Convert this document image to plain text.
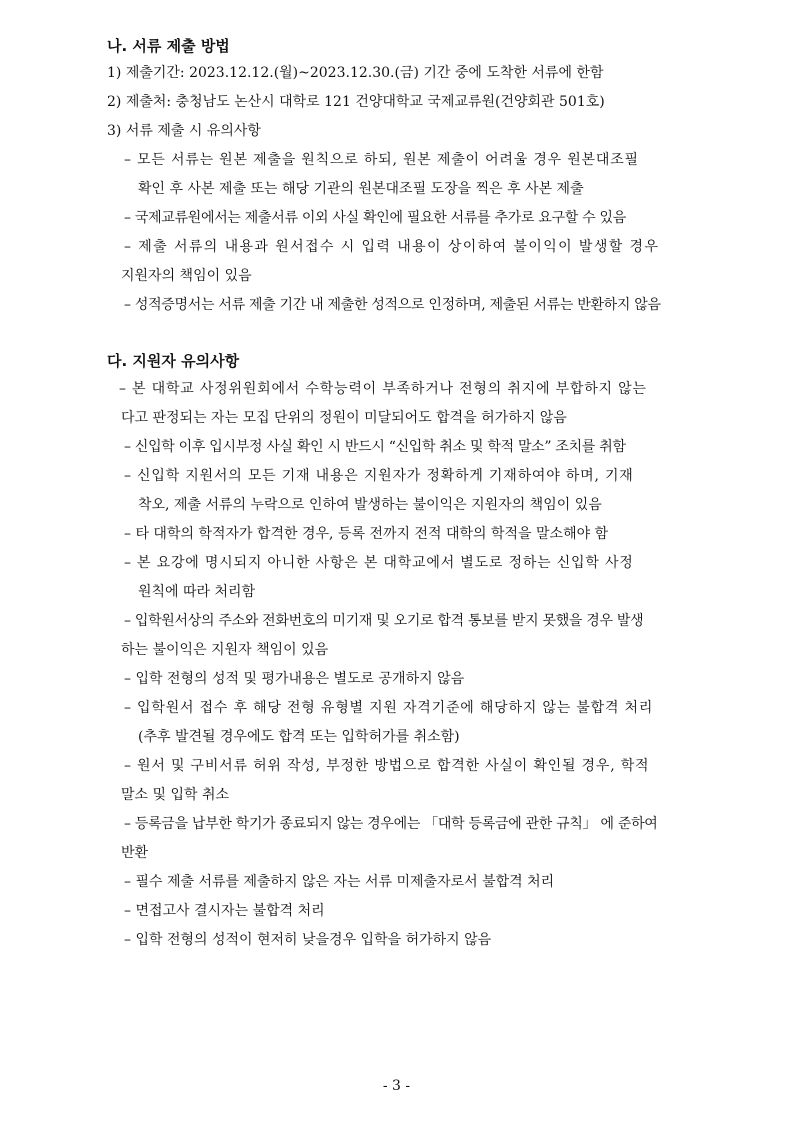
나. 서류 제출 방법
1) 제출기간: 2023.12.12.(월)~2023.12.30.(금) 기간 중에 도착한 서류에 한함
2) 제출처: 충청남도 논산시 대학로 121 건양대학교 국제교류원(건양회관 501호)
3) 서류 제출 시 유의사항
– 모든 서류는 원본 제출을 원칙으로 하되, 원본 제출이 어려울 경우 원본대조필
확인 후 사본 제출 또는 해당 기관의 원본대조필 도장을 찍은 후 사본 제출
– 국제교류원에서는 제출서류 이외 사실 확인에 필요한 서류를 추가로 요구할 수 있음
– 제출 서류의 내용과 원서접수 시 입력 내용이 상이하여 불이익이 발생할 경우
지원자의 책임이 있음
– 성적증명서는 서류 제출 기간 내 제출한 성적으로 인정하며, 제출된 서류는 반환하지 않음
다. 지원자 유의사항
– 본 대학교 사정위원회에서 수학능력이 부족하거나 전형의 취지에 부합하지 않는
다고 판정되는 자는 모집 단위의 정원이 미달되어도 합격을 허가하지 않음
– 신입학 이후 입시부정 사실 확인 시 반드시 “신입학 취소 및 학적 말소” 조치를 취함
– 신입학 지원서의 모든 기재 내용은 지원자가 정확하게 기재하여야 하며, 기재
착오, 제출 서류의 누락으로 인하여 발생하는 불이익은 지원자의 책임이 있음
– 타 대학의 학적자가 합격한 경우, 등록 전까지 전적 대학의 학적을 말소해야 함
– 본 요강에 명시되지 아니한 사항은 본 대학교에서 별도로 정하는 신입학 사정
원칙에 따라 처리함
– 입학원서상의 주소와 전화번호의 미기재 및 오기로 합격 통보를 받지 못했을 경우 발생
하는 불이익은 지원자 책임이 있음
– 입학 전형의 성적 및 평가내용은 별도로 공개하지 않음
– 입학원서 접수 후 해당 전형 유형별 지원 자격기준에 해당하지 않는 불합격 처리
(추후 발견될 경우에도 합격 또는 입학허가를 취소함)
– 원서 및 구비서류 허위 작성, 부정한 방법으로 합격한 사실이 확인될 경우, 학적
말소 및 입학 취소
– 등록금을 납부한 학기가 종료되지 않는 경우에는 「대학 등록금에 관한 규칙」 에 준하여
반환
– 필수 제출 서류를 제출하지 않은 자는 서류 미제출자로서 불합격 처리
– 면접고사 결시자는 불합격 처리
– 입학 전형의 성적이 현저히 낮을경우 입학을 허가하지 않음
- 3 -
